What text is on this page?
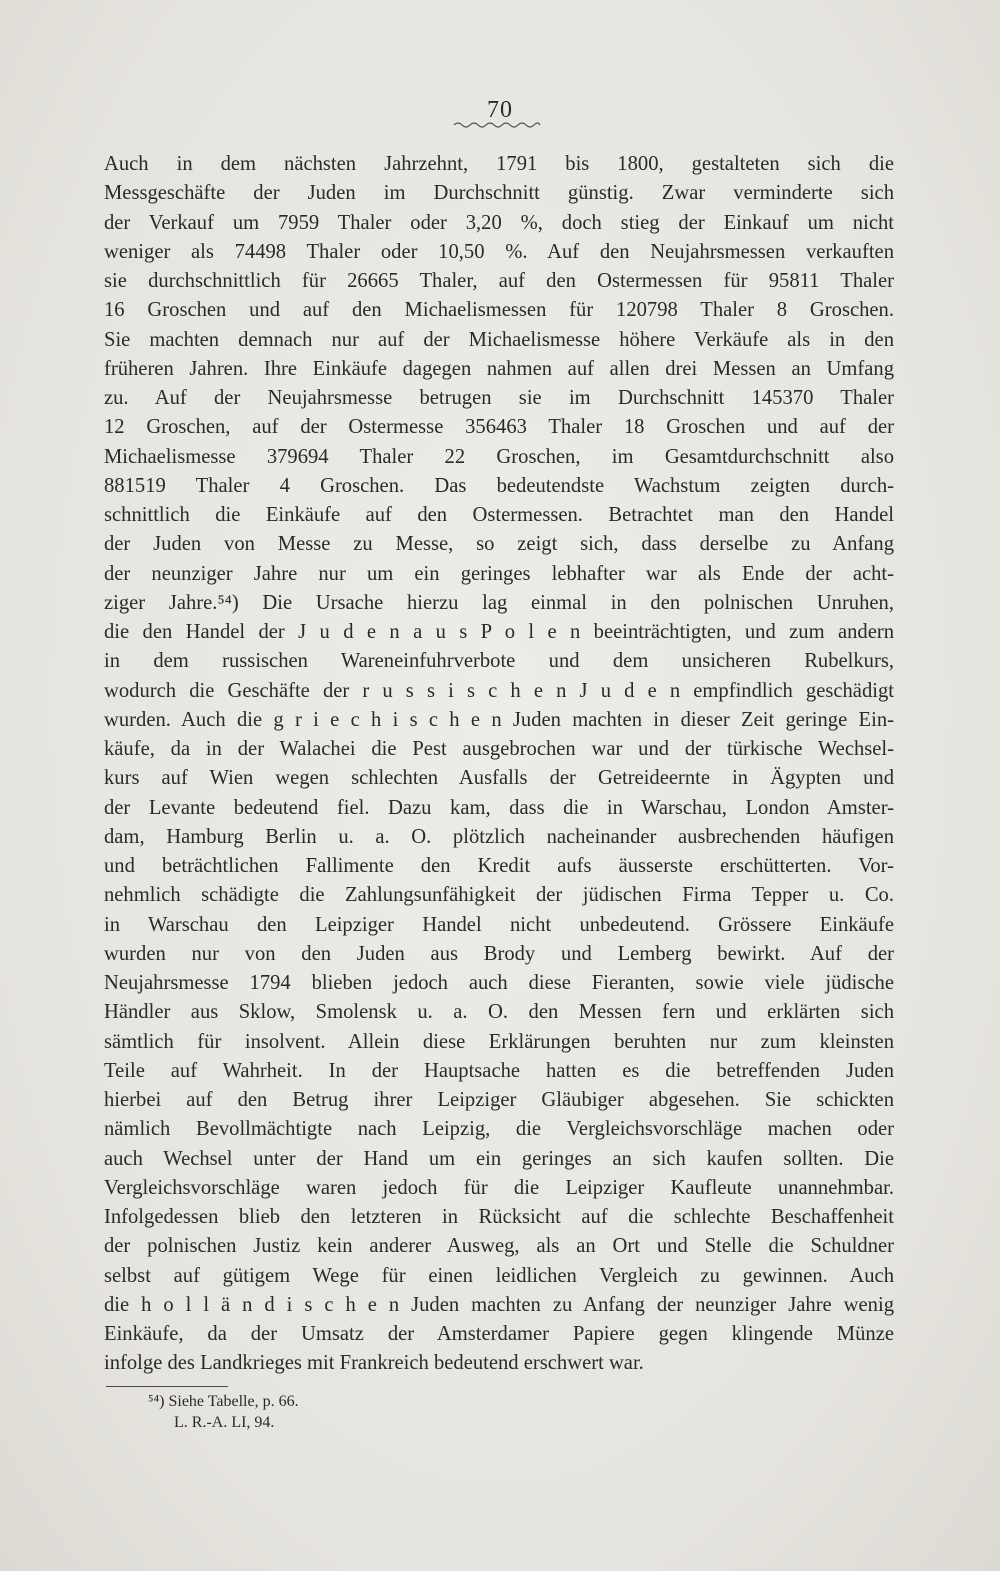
70
Auch in dem nächsten Jahrzehnt, 1791 bis 1800, gestalteten sich die
Messgeschäfte der Juden im Durchschnitt günstig. Zwar verminderte sich
der Verkauf um 7959 Thaler oder 3,20 %, doch stieg der Einkauf um nicht
weniger als 74498 Thaler oder 10,50 %. Auf den Neujahrsmessen verkauften
sie durchschnittlich für 26665 Thaler, auf den Ostermessen für 95811 Thaler
16 Groschen und auf den Michaelismessen für 120798 Thaler 8 Groschen.
Sie machten demnach nur auf der Michaelismesse höhere Verkäufe als in den
früheren Jahren. Ihre Einkäufe dagegen nahmen auf allen drei Messen an Umfang
zu. Auf der Neujahrsmesse betrugen sie im Durchschnitt 145370 Thaler
12 Groschen, auf der Ostermesse 356463 Thaler 18 Groschen und auf der
Michaelismesse 379694 Thaler 22 Groschen, im Gesamtdurchschnitt also
881519 Thaler 4 Groschen. Das bedeutendste Wachstum zeigten durch-
schnittlich die Einkäufe auf den Ostermessen. Betrachtet man den Handel
der Juden von Messe zu Messe, so zeigt sich, dass derselbe zu Anfang
der neunziger Jahre nur um ein geringes lebhafter war als Ende der acht-
ziger Jahre.⁵⁴) Die Ursache hierzu lag einmal in den polnischen Unruhen,
die den Handel der J u d e n a u s P o l e n beeinträchtigten, und zum andern
in dem russischen Wareneinfuhrverbote und dem unsicheren Rubelkurs,
wodurch die Geschäfte der r u s s i s c h e n J u d e n empfindlich geschädigt
wurden. Auch die g r i e c h i s c h e n Juden machten in dieser Zeit geringe Ein-
käufe, da in der Walachei die Pest ausgebrochen war und der türkische Wechsel-
kurs auf Wien wegen schlechten Ausfalls der Getreideernte in Ägypten und
der Levante bedeutend fiel. Dazu kam, dass die in Warschau, London Amster-
dam, Hamburg Berlin u. a. O. plötzlich nacheinander ausbrechenden häufigen
und beträchtlichen Fallimente den Kredit aufs äusserste erschütterten. Vor-
nehmlich schädigte die Zahlungsunfähigkeit der jüdischen Firma Tepper u. Co.
in Warschau den Leipziger Handel nicht unbedeutend. Grössere Einkäufe
wurden nur von den Juden aus Brody und Lemberg bewirkt. Auf der
Neujahrsmesse 1794 blieben jedoch auch diese Fieranten, sowie viele jüdische
Händler aus Sklow, Smolensk u. a. O. den Messen fern und erklärten sich
sämtlich für insolvent. Allein diese Erklärungen beruhten nur zum kleinsten
Teile auf Wahrheit. In der Hauptsache hatten es die betreffenden Juden
hierbei auf den Betrug ihrer Leipziger Gläubiger abgesehen. Sie schickten
nämlich Bevollmächtigte nach Leipzig, die Vergleichsvorschläge machen oder
auch Wechsel unter der Hand um ein geringes an sich kaufen sollten. Die
Vergleichsvorschläge waren jedoch für die Leipziger Kaufleute unannehmbar.
Infolgedessen blieb den letzteren in Rücksicht auf die schlechte Beschaffenheit
der polnischen Justiz kein anderer Ausweg, als an Ort und Stelle die Schuldner
selbst auf gütigem Wege für einen leidlichen Vergleich zu gewinnen. Auch
die h o l l ä n d i s c h e n Juden machten zu Anfang der neunziger Jahre wenig
Einkäufe, da der Umsatz der Amsterdamer Papiere gegen klingende Münze
infolge des Landkrieges mit Frankreich bedeutend erschwert war.
⁵⁴) Siehe Tabelle, p. 66.
L. R.-A. LI, 94.
